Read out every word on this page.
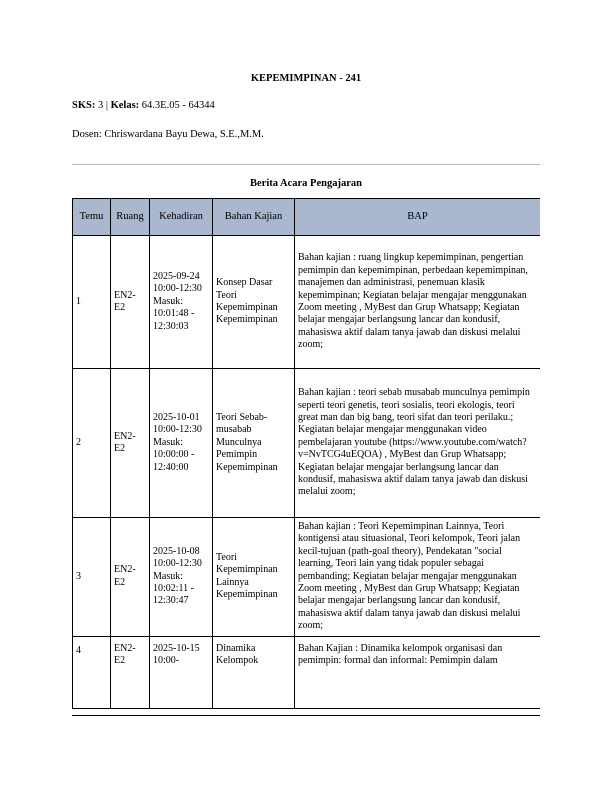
KEPEMIMPINAN - 241
SKS: 3 | Kelas: 64.3E.05 - 64344
Dosen: Chriswardana Bayu Dewa, S.E.,M.M.
Berita Acara Pengajaran
Temu	Ruang	Kehadiran	Bahan Kajian	BAP
1	EN2-E2	2025-09-24 10:00-12:30 Masuk: 10:01:48 - 12:30:03	Konsep Dasar Teori Kepemimpinan Kepemimpinan	Bahan kajian : ruang lingkup kepemimpinan, pengertian pemimpin dan kepemimpinan, perbedaan kepemimpinan, manajemen dan administrasi, penemuan klasik kepemimpinan; Kegiatan belajar mengajar menggunakan Zoom meeting , MyBest dan Grup Whatsapp; Kegiatan belajar mengajar berlangsung lancar dan kondusif, mahasiswa aktif dalam tanya jawab dan diskusi melalui zoom;
2	EN2-E2	2025-10-01 10:00-12:30 Masuk: 10:00:00 - 12:40:00	Teori Sebab-musabab Munculnya Pemimpin Kepemimpinan	Bahan kajian : teori sebab musabab munculnya pemimpin seperti teori genetis, teori sosialis, teori ekologis, teori great man dan big bang, teori sifat dan teori perilaku.; Kegiatan belajar mengajar menggunakan video pembelajaran youtube (https://www.youtube.com/watch?v=NvTCG4uEQOA) , MyBest dan Grup Whatsapp; Kegiatan belajar mengajar berlangsung lancar dan kondusif, mahasiswa aktif dalam tanya jawab dan diskusi melalui zoom;
3	EN2-E2	2025-10-08 10:00-12:30 Masuk: 10:02:11 - 12:30:47	Teori Kepemimpinan Lainnya Kepemimpinan	Bahan kajian : Teori Kepemimpinan Lainnya, Teori kontigensi atau situasional, Teori kelompok, Teori jalan kecil-tujuan (path-goal theory), Pendekatan "social learning, Teori lain yang tidak populer sebagai pembanding; Kegiatan belajar mengajar menggunakan Zoom meeting , MyBest dan Grup Whatsapp; Kegiatan belajar mengajar berlangsung lancar dan kondusif, mahasiswa aktif dalam tanya jawab dan diskusi melalui zoom;
4	EN2-E2	2025-10-15 10:00-	Dinamika Kelompok	Bahan Kajian : Dinamika kelompok organisasi dan pemimpin: formal dan informal: Pemimpin dalam
